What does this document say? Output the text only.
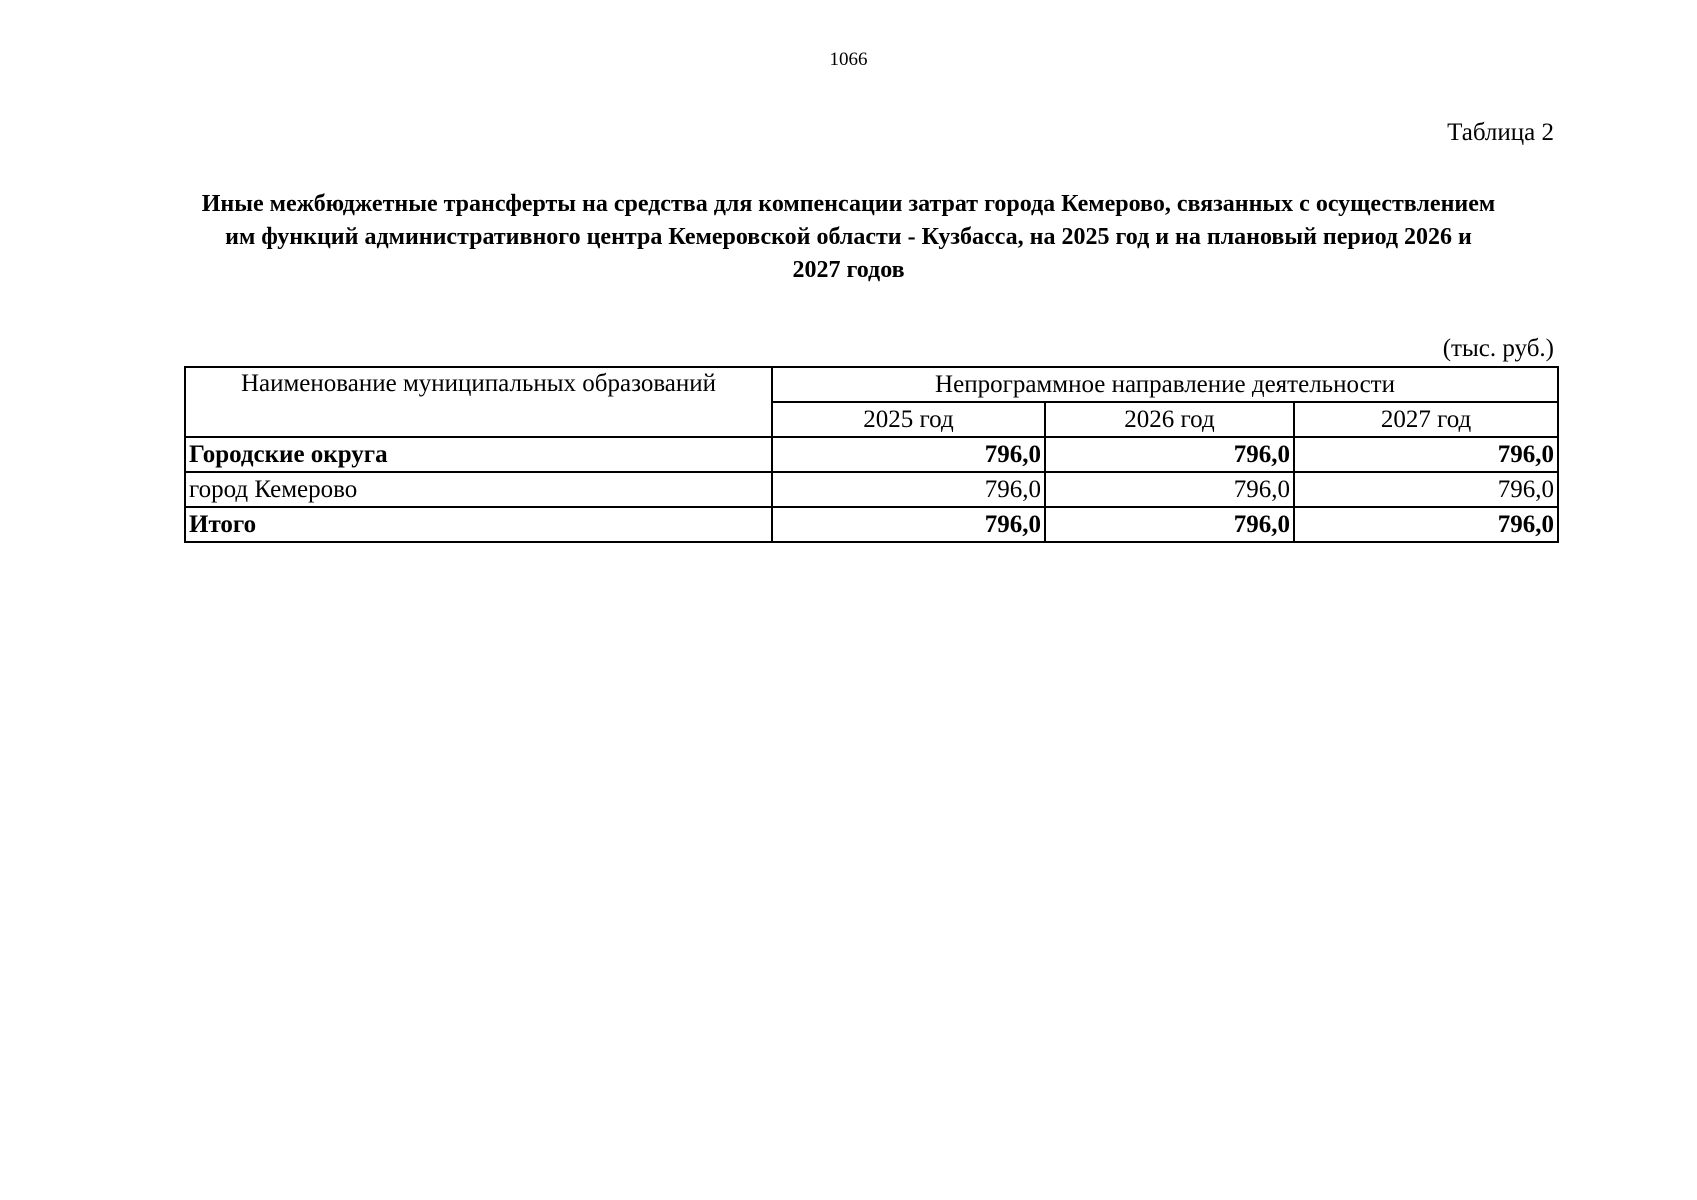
1066
Таблица 2
Иные межбюджетные трансферты на средства для компенсации затрат города Кемерово, связанных с осуществлением им функций административного центра Кемеровской области - Кузбасса, на 2025 год и на плановый период 2026 и 2027 годов
(тыс. руб.)
Наименование муниципальных образований	Непрограммное направление деятельности		
	2025 год	2026 год	2027 год
Городские округа	796,0	796,0	796,0
город Кемерово	796,0	796,0	796,0
Итого	796,0	796,0	796,0
